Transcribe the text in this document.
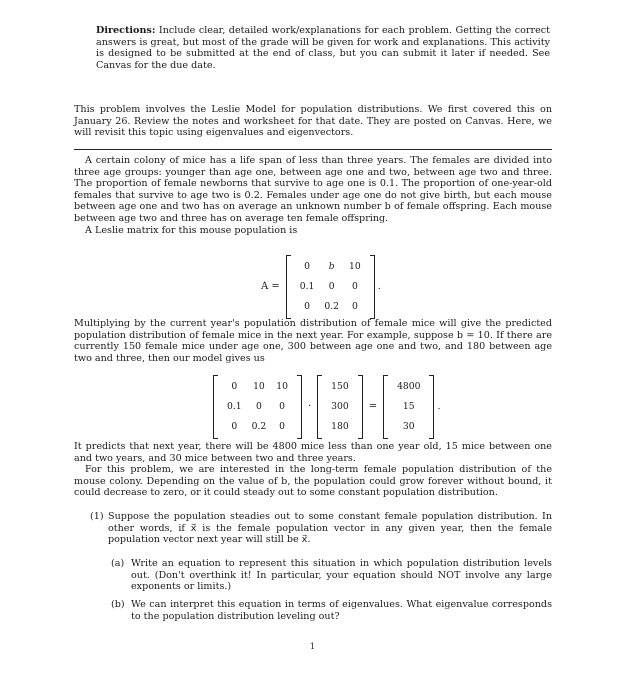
Directions: Include clear, detailed work/explanations for each problem. Getting the correct answers is great, but most of the grade will be given for work and explanations. This activity is designed to be submitted at the end of class, but you can submit it later if needed. See Canvas for the due date.

This problem involves the Leslie Model for population distributions. We first covered this on January 26. Review the notes and worksheet for that date. They are posted on Canvas. Here, we will revisit this topic using eigenvalues and eigenvectors.

A certain colony of mice has a life span of less than three years. The females are divided into three age groups: younger than age one, between age one and two, between age two and three. The proportion of female newborns that survive to age one is 0.1. The proportion of one-year-old females that survive to age two is 0.2. Females under age one do not give birth, but each mouse between age one and two has on average an unknown number b of female offspring. Each mouse between age two and three has on average ten female offspring.

A Leslie matrix for this mouse population is

A =
0	b	10
0.1	0	0
0	0.2	0
.

Multiplying by the current year's population distribution of female mice will give the predicted population distribution of female mice in the next year. For example, suppose b = 10. If there are currently 150 female mice under age one, 300 between age one and two, and 180 between age two and three, then our model gives us

0	10	10
0.1	0	0
0	0.2	0
·
150
300
180
=
4800
15
30
.

It predicts that next year, there will be 4800 mice less than one year old, 15 mice between one and two years, and 30 mice between two and three years.

For this problem, we are interested in the long-term female population distribution of the mouse colony. Depending on the value of b, the population could grow forever without bound, it could decrease to zero, or it could steady out to some constant population distribution.

(1) Suppose the population steadies out to some constant female population distribution. In other words, if x⃗ is the female population vector in any given year, then the female population vector next year will still be x⃗.

(a) Write an equation to represent this situation in which population distribution levels out. (Don't overthink it! In particular, your equation should NOT involve any large exponents or limits.)

(b) We can interpret this equation in terms of eigenvalues. What eigenvalue corresponds to the population distribution leveling out?

1
